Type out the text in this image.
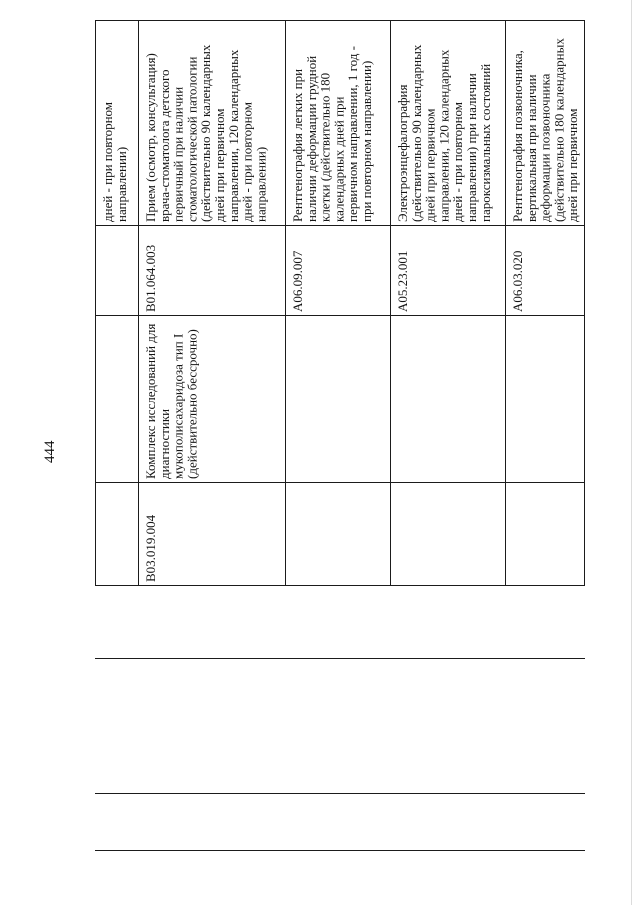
444
дней - при повторном
направлении)	Прием (осмотр, консультация)
врача-стоматолога детского
первичный при наличии
стоматологической патологии
(действительно 90 календарных
дней при первичном
направлении, 120 календарных
дней - при повторном
направлении)
B01.064.003
Комплекс исследований для
диагностики
мукополисахаридоза тип I
(действительно бессрочно)
B03.019.004
Рентгенография легких при
наличии деформации грудной
клетки (действительно 180
календарных дней при
первичном направлении, 1 год -
при повторном направлении)
A06.09.007
Электроэнцефалография
(действительно 90 календарных
дней при первичном
направлении, 120 календарных
дней - при повторном
направлении) при наличии
пароксизмальных состояний
A05.23.001
Рентгенография позвоночника,
вертикальная при наличии
деформации позвоночника
(действительно 180 календарных
дней при первичном
A06.03.020
